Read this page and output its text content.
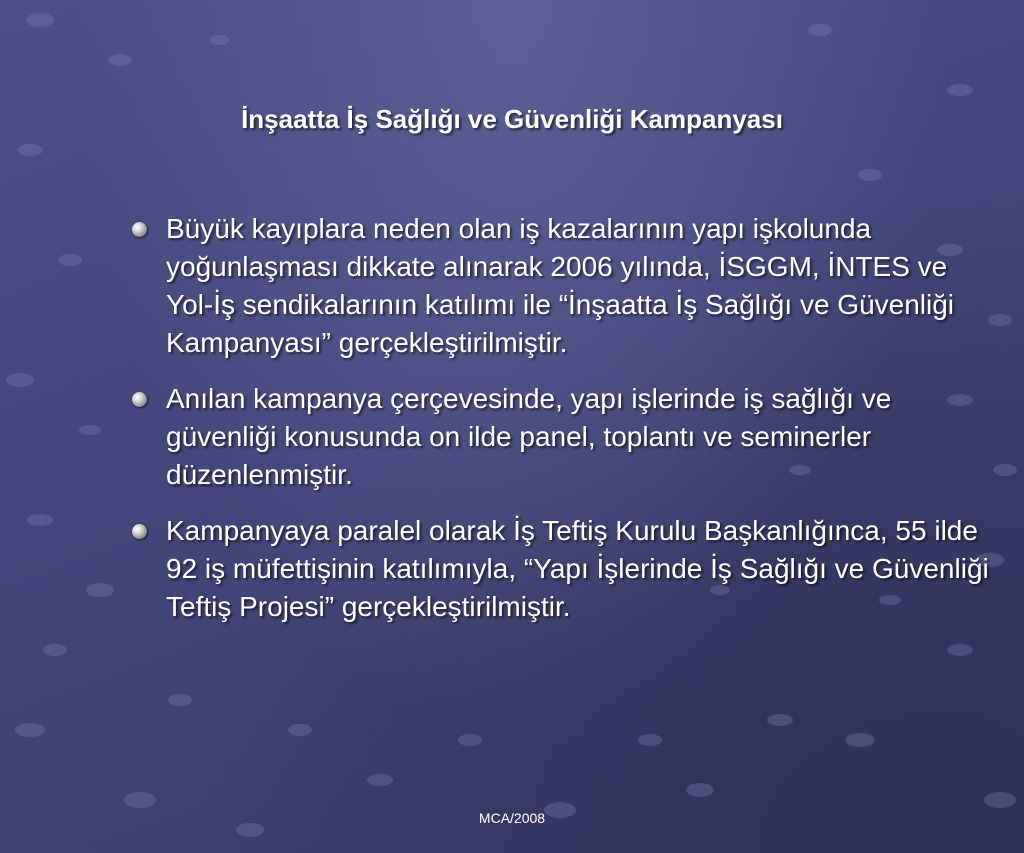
İnşaatta İş Sağlığı ve Güvenliği Kampanyası
Büyük kayıplara neden olan iş kazalarının yapı işkolunda yoğunlaşması dikkate alınarak 2006 yılında, İSGGM, İNTES ve Yol-İş sendikalarının katılımı ile “İnşaatta İş Sağlığı ve Güvenliği Kampanyası” gerçekleştirilmiştir.
Anılan kampanya çerçevesinde, yapı işlerinde iş sağlığı ve güvenliği konusunda on ilde panel, toplantı ve seminerler düzenlenmiştir.
Kampanyaya paralel olarak İş Teftiş Kurulu Başkanlığınca, 55 ilde 92 iş müfettişinin katılımıyla, “Yapı İşlerinde İş Sağlığı ve Güvenliği Teftiş Projesi” gerçekleştirilmiştir.
MCA/2008
